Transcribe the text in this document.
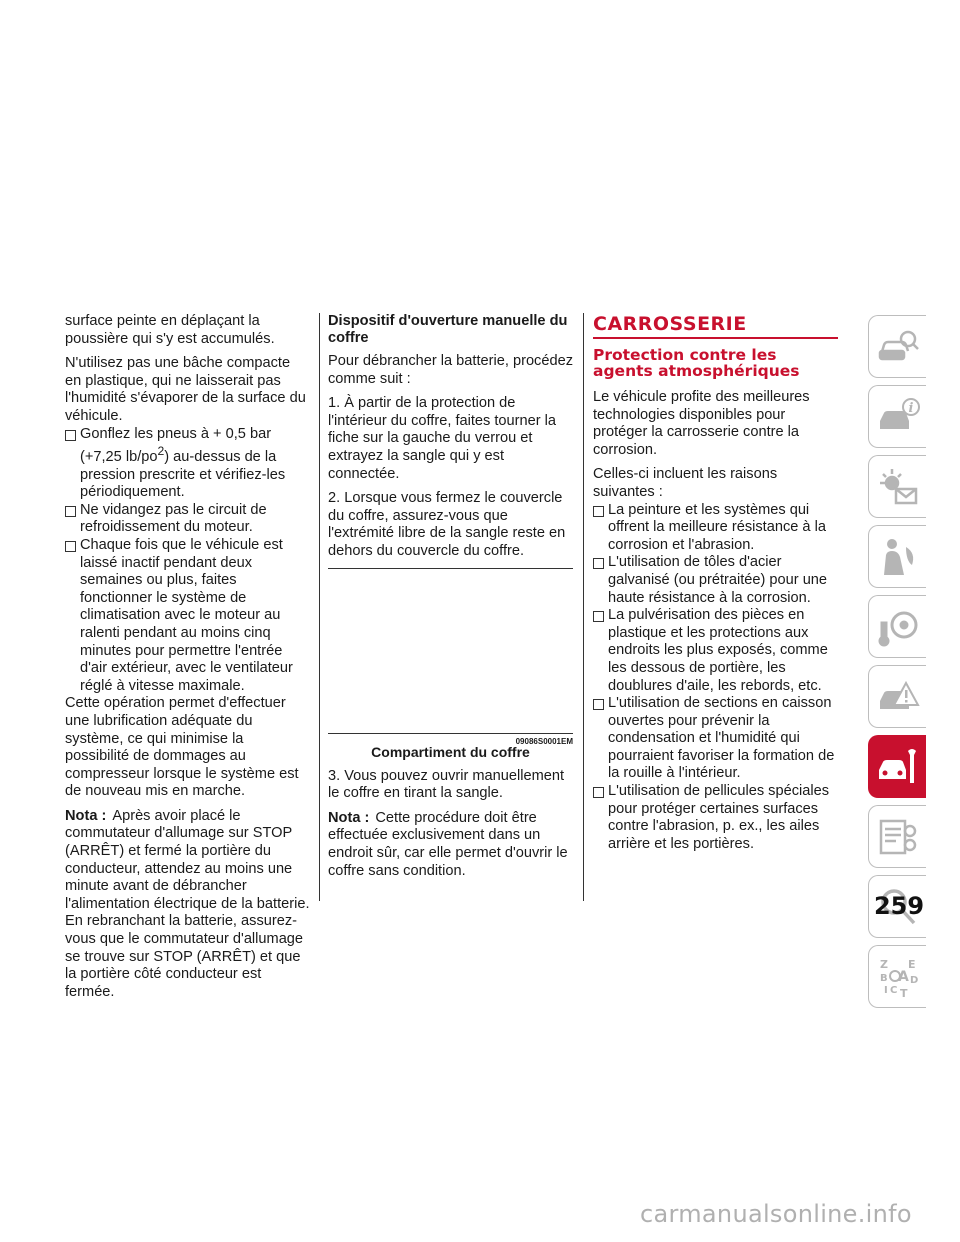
surface peinte en déplaçant la poussière qui s'y est accumulés.

N'utilisez pas une bâche compacte en plastique, qui ne laisserait pas l'humidité s'évaporer de la surface du véhicule.

Gonflez les pneus à + 0,5 bar (+7,25 $lb/po^2$) au-dessus de la pression prescrite et vérifiez-les périodiquement.
Ne vidangez pas le circuit de refroidissement du moteur.
Chaque fois que le véhicule est laissé inactif pendant deux semaines ou plus, faites fonctionner le système de climatisation avec le moteur au ralenti pendant au moins cinq minutes pour permettre l'entrée d'air extérieur, avec le ventilateur réglé à vitesse maximale.

Cette opération permet d'effectuer une lubrification adéquate du système, ce qui minimise la possibilité de dommages au compresseur lorsque le système est de nouveau mis en marche.

Nota : Après avoir placé le commutateur d'allumage sur STOP (ARRÊT) et fermé la portière du conducteur, attendez au moins une minute avant de débrancher l'alimentation électrique de la batterie. En rebranchant la batterie, assurez-vous que le commutateur d'allumage se trouve sur STOP (ARRÊT) et que la portière côté conducteur est fermée.

Dispositif d'ouverture manuelle du coffre

Pour débrancher la batterie, procédez comme suit :

1. À partir de la protection de l'intérieur du coffre, faites tourner la fiche sur la gauche du verrou et extrayez la sangle qui y est connectée.

2. Lorsque vous fermez le couvercle du coffre, assurez-vous que l'extrémité libre de la sangle reste en dehors du couvercle du coffre.

09086S0001EM
Compartiment du coffre

3. Vous pouvez ouvrir manuellement le coffre en tirant la sangle.

Nota : Cette procédure doit être effectuée exclusivement dans un endroit sûr, car elle permet d'ouvrir le coffre sans condition.

CARROSSERIE
Protection contre les agents atmosphériques

Le véhicule profite des meilleures technologies disponibles pour protéger la carrosserie contre la corrosion.

Celles-ci incluent les raisons suivantes :

La peinture et les systèmes qui offrent la meilleure résistance à la corrosion et l'abrasion.
L'utilisation de tôles d'acier galvanisé (ou prétraitée) pour une haute résistance à la corrosion.
La pulvérisation des pièces en plastique et les protections aux endroits les plus exposés, comme les dessous de portière, les doublures d'aile, les rebords, etc.
L'utilisation de sections en caisson ouvertes pour prévenir la condensation et l'humidité qui pourraient favoriser la formation de la rouille à l'intérieur.
L'utilisation de pellicules spéciales pour protéger certaines surfaces contre l'abrasion, p. ex., les ailes arrière et les portières.
i
Z E
A
B D
I C T
259
carmanualsonline.info
